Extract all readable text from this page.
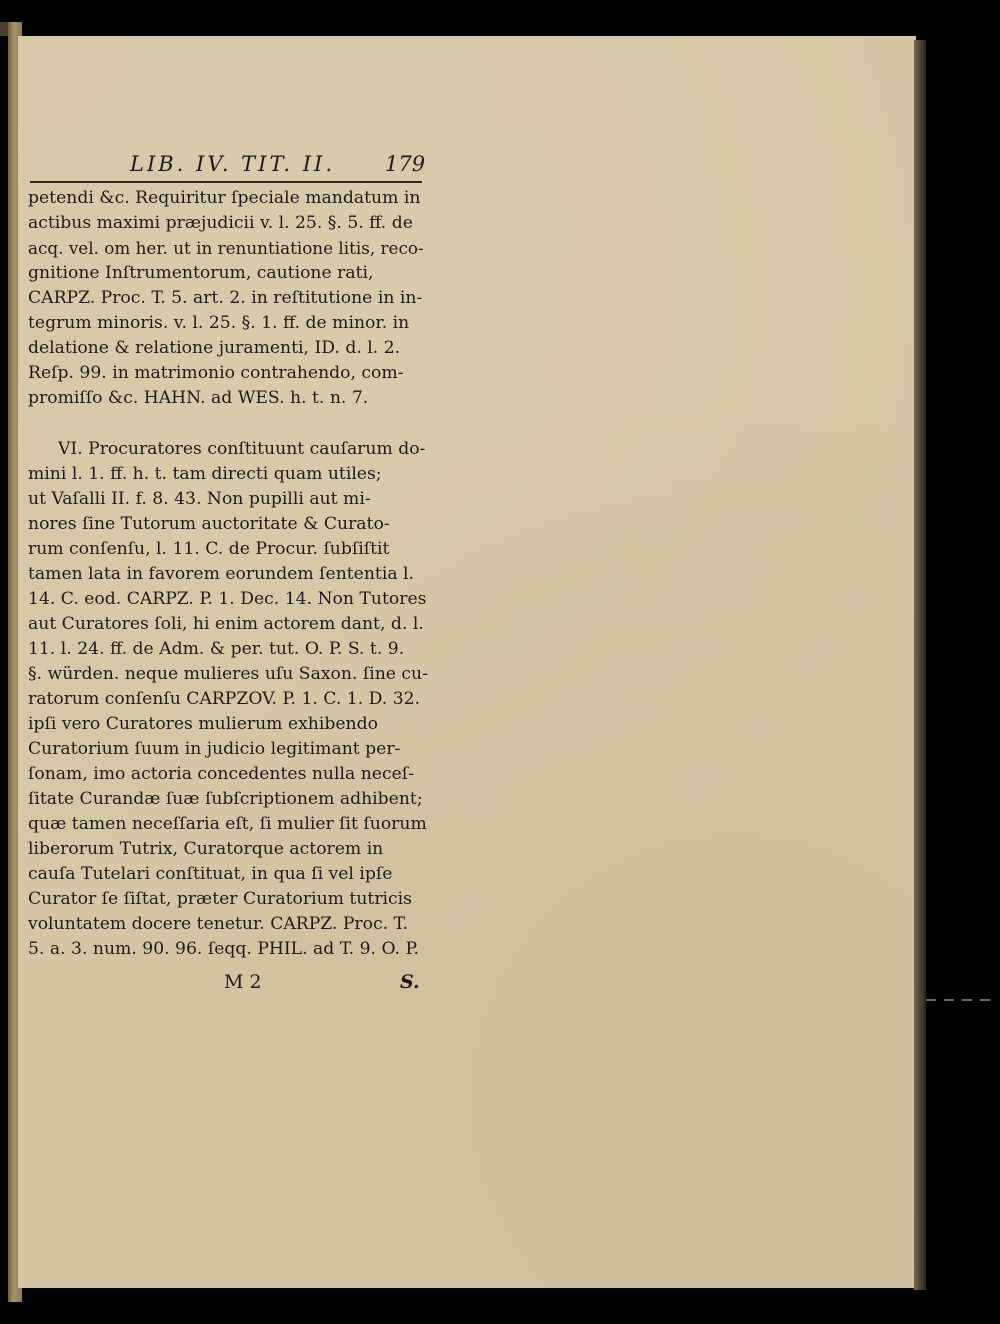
LIB. IV. TIT. II. 179
petendi &c. Requiritur ſpeciale mandatum in
actibus maximi præjudicii v. l. 25. §. 5. ff. de
acq. vel. om her. ut in renuntiatione litis, reco-
gnitione Inſtrumentorum, cautione rati,
CARPZ. Proc. T. 5. art. 2. in reſtitutione in in-
tegrum minoris. v. l. 25. §. 1. ff. de minor. in
delatione & relatione juramenti, ID. d. l. 2.
Reſp. 99. in matrimonio contrahendo, com-
promiſſo &c. HAHN. ad WES. h. t. n. 7.
VI. Procuratores conſtituunt cauſarum do-
mini l. 1. ff. h. t. tam directi quam utiles;
ut Vaſalli II. f. 8. 43. Non pupilli aut mi-
nores ſine Tutorum auctoritate & Curato-
rum conſenſu, l. 11. C. de Procur. ſubſiſtit
tamen lata in favorem eorundem ſententia l.
14. C. eod. CARPZ. P. 1. Dec. 14. Non Tutores
aut Curatores ſoli, hi enim actorem dant, d. l.
11. l. 24. ff. de Adm. & per. tut. O. P. S. t. 9.
§. würden. neque mulieres uſu Saxon. ſine cu-
ratorum conſenſu CARPZOV. P. 1. C. 1. D. 32.
ipſi vero Curatores mulierum exhibendo
Curatorium ſuum in judicio legitimant per-
ſonam, imo actoria concedentes nulla neceſ-
ſitate Curandæ ſuæ ſubſcriptionem adhibent;
quæ tamen neceſſaria eſt, ſi mulier ſit ſuorum
liberorum Tutrix, Curatorque actorem in
cauſa Tutelari conſtituat, in qua ſi vel ipſe
Curator ſe ſiſtat, præter Curatorium tutricis
voluntatem docere tenetur. CARPZ. Proc. T.
5. a. 3. num. 90. 96. ſeqq. PHIL. ad T. 9. O. P.
M 2	S.
